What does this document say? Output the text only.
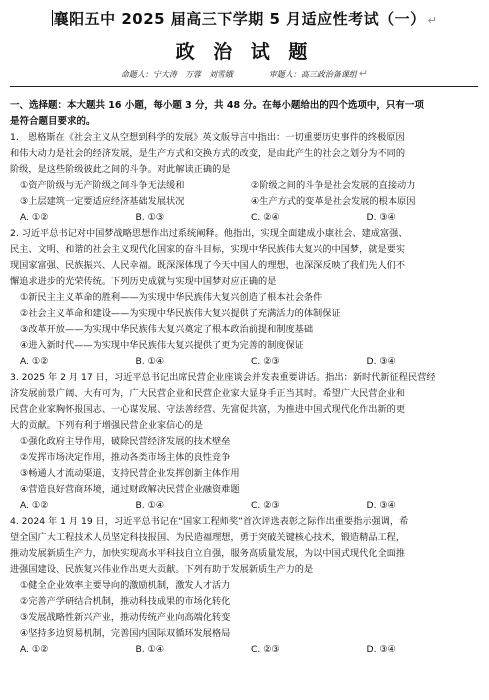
襄阳五中 2025 届高三下学期 5 月适应性考试（一） ↵
政 治 试 题
命题人：宁大涛　万蓉　刘雪娥	审题人：高三政治备课组 ↵
一、选择题：本大题共 16 小题，每小题 3 分，共 48 分。在每小题给出的四个选项中，只有一项
是符合题目要求的。
1.　恩格斯在《社会主义从空想到科学的发展》英文版导言中指出：一切重要历史事件的终极原因
和伟大动力是社会的经济发展，是生产方式和交换方式的改变，是由此产生的社会之划分为不同的
阶级，是这些阶级彼此之间的斗争。对此解读正确的是
①资产阶级与无产阶级之间斗争无法缓和	②阶级之间的斗争是社会发展的直接动力
③上层建筑一定要适应经济基础发展状况	④生产方式的变革是社会发展的根本原因
A. ①②	B. ①③	C. ②④	D. ③④
2. 习近平总书记对中国梦战略思想作出过系统阐释。他指出，实现全面建成小康社会、建成富强、
民主、文明、和谐的社会主义现代化国家的奋斗目标，实现中华民族伟大复兴的中国梦，就是要实
现国家富强、民族振兴、人民幸福。既深深体现了今天中国人的理想，也深深反映了我们先人们不
懈追求进步的光荣传统。下列历史成就与实现中国梦对应正确的是
①新民主主义革命的胜利——为实现中华民族伟大复兴创造了根本社会条件
②社会主义革命和建设——为实现中华民族伟大复兴提供了充满活力的体制保证
③改革开放——为实现中华民族伟大复兴奠定了根本政治前提和制度基础
④进入新时代——为实现中华民族伟大复兴提供了更为完善的制度保证
A. ①②	B. ①④	C. ②③	D. ③④
3. 2025 年 2 月 17 日，习近平总书记出席民营企业座谈会并发表重要讲话。指出：新时代新征程民营经
济发展前景广阔、大有可为，广大民营企业和民营企业家大显身手正当其时。希望广大民营企业和
民营企业家胸怀报国志、一心谋发展、守法善经营、先富促共富，为推进中国式现代化作出新的更
大的贡献。下列有利于增强民营企业家信心的是
①强化政府主导作用，破除民营经济发展的技术壁垒
②发挥市场决定作用，推动各类市场主体的良性竞争
③畅通人才流动渠道，支持民营企业发挥创新主体作用
④营造良好营商环境，通过财政解决民营企业融资难题
A. ①②	B. ①④	C. ②③	D. ③④
4. 2024 年 1 月 19 日，习近平总书记在“国家工程师奖”首次评选表彰之际作出重要指示强调，希
望全国广大工程技术人员坚定科技报国、为民造福理想，勇于突破关键核心技术，锻造精品工程，
推动发展新质生产力，加快实现高水平科技自立自强，服务高质量发展，为以中国式现代化全面推
进强国建设、民族复兴伟业作出更大贡献。下列有助于发展新质生产力的是
①健全企业效率主要导向的激励机制，激发人才活力
②完善产学研结合机制，推动科技成果的市场化转化
③发展战略性新兴产业，推动传统产业向高端化转变
④坚持多边贸易机制，完善国内国际双循环发展格局
A. ①②	B. ①④	C. ②③	D. ③④
